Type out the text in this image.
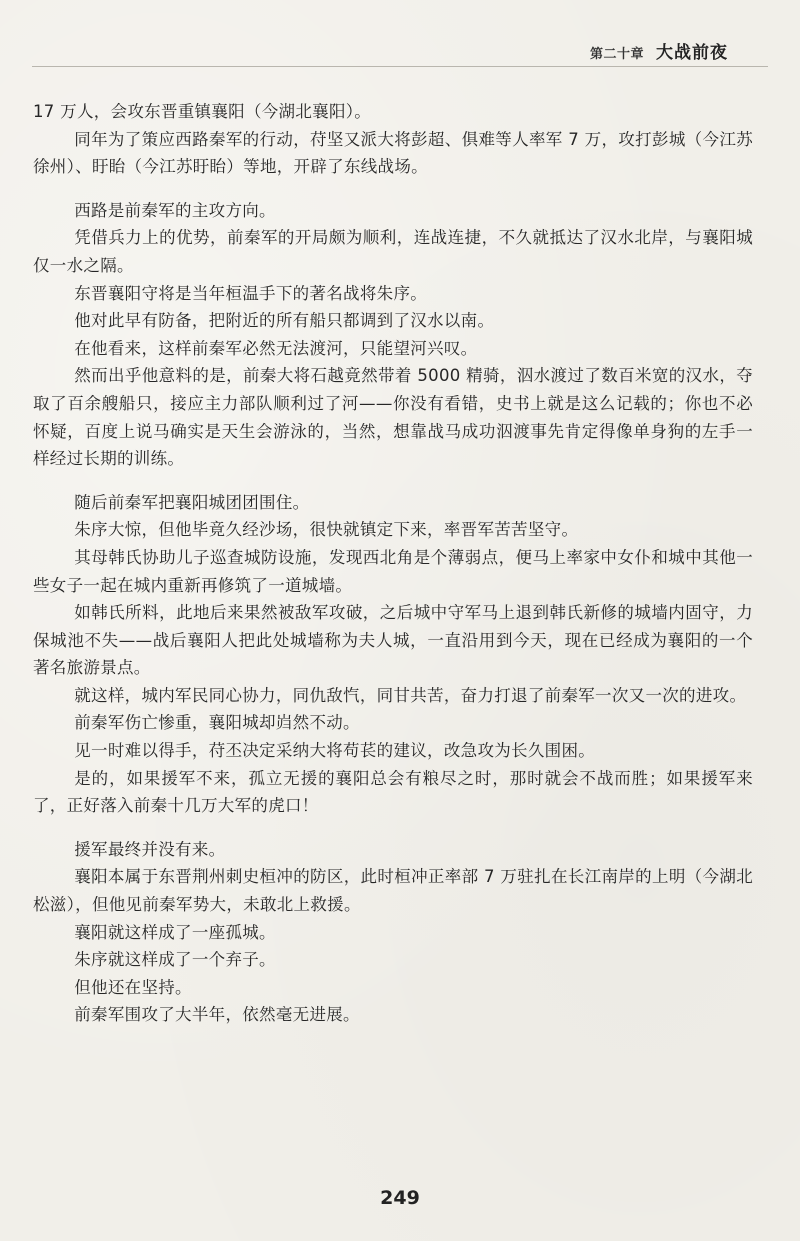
第二十章 大战前夜

17 万人，会攻东晋重镇襄阳（今湖北襄阳）。

同年为了策应西路秦军的行动，苻坚又派大将彭超、俱难等人率军 7 万，攻打彭城（今江苏徐州）、盱眙（今江苏盱眙）等地，开辟了东线战场。

西路是前秦军的主攻方向。

凭借兵力上的优势，前秦军的开局颇为顺利，连战连捷，不久就抵达了汉水北岸，与襄阳城仅一水之隔。

东晋襄阳守将是当年桓温手下的著名战将朱序。

他对此早有防备，把附近的所有船只都调到了汉水以南。

在他看来，这样前秦军必然无法渡河，只能望河兴叹。

然而出乎他意料的是，前秦大将石越竟然带着 5000 精骑，泅水渡过了数百米宽的汉水，夺取了百余艘船只，接应主力部队顺利过了河——你没有看错，史书上就是这么记载的；你也不必怀疑，百度上说马确实是天生会游泳的，当然，想靠战马成功泅渡事先肯定得像单身狗的左手一样经过长期的训练。

随后前秦军把襄阳城团团围住。

朱序大惊，但他毕竟久经沙场，很快就镇定下来，率晋军苦苦坚守。

其母韩氏协助儿子巡查城防设施，发现西北角是个薄弱点，便马上率家中女仆和城中其他一些女子一起在城内重新再修筑了一道城墙。

如韩氏所料，此地后来果然被敌军攻破，之后城中守军马上退到韩氏新修的城墙内固守，力保城池不失——战后襄阳人把此处城墙称为夫人城，一直沿用到今天，现在已经成为襄阳的一个著名旅游景点。

就这样，城内军民同心协力，同仇敌忾，同甘共苦，奋力打退了前秦军一次又一次的进攻。

前秦军伤亡惨重，襄阳城却岿然不动。

见一时难以得手，苻丕决定采纳大将苟苌的建议，改急攻为长久围困。

是的，如果援军不来，孤立无援的襄阳总会有粮尽之时，那时就会不战而胜；如果援军来了，正好落入前秦十几万大军的虎口！

援军最终并没有来。

襄阳本属于东晋荆州刺史桓冲的防区，此时桓冲正率部 7 万驻扎在长江南岸的上明（今湖北松滋），但他见前秦军势大，未敢北上救援。

襄阳就这样成了一座孤城。

朱序就这样成了一个弃子。

但他还在坚持。

前秦军围攻了大半年，依然毫无进展。

249
